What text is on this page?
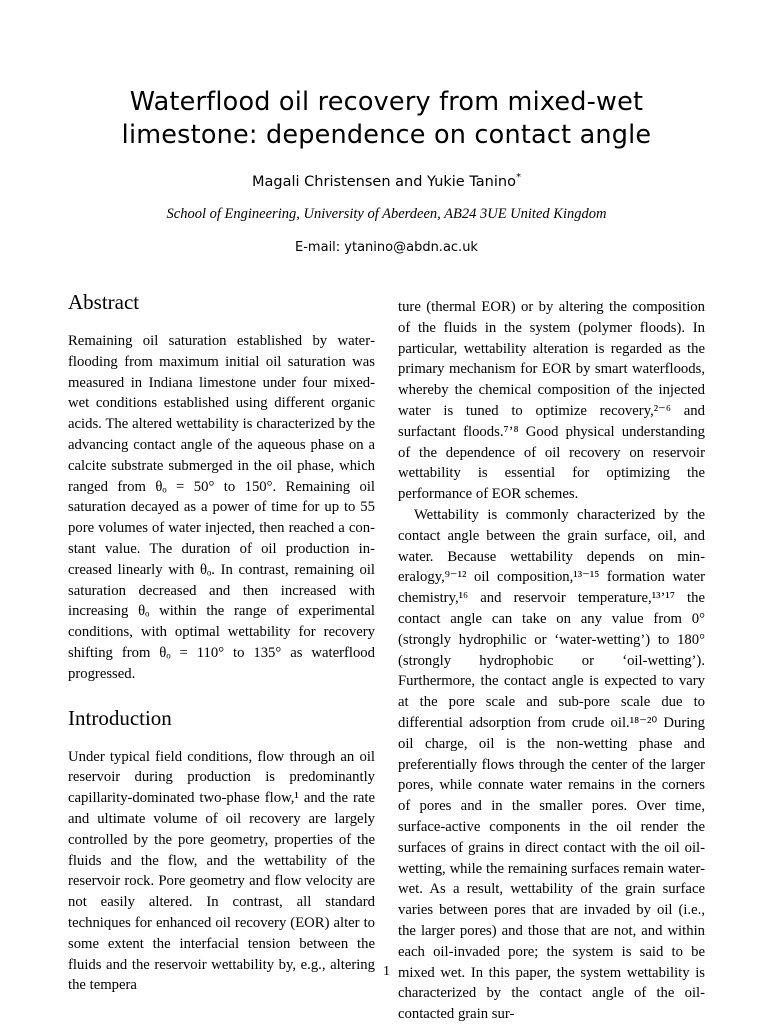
Waterflood oil recovery from mixed-wet
limestone: dependence on contact angle
Magali Christensen and Yukie Tanino*
School of Engineering, University of Aberdeen, AB24 3UE United Kingdom
E-mail: ytanino@abdn.ac.uk
Abstract

Remaining oil saturation established by waterflooding from maximum initial oil saturation was measured in Indiana limestone under four mixed-wet conditions established using different organic acids. The altered wettability is characterized by the advancing contact angle of the aqueous phase on a calcite substrate submerged in the oil phase, which ranged from θₒ = 50° to 150°. Remaining oil saturation decayed as a power of time for up to 55 pore volumes of water injected, then reached a constant value. The duration of oil production increased linearly with θₒ. In contrast, remaining oil saturation decreased and then increased with increasing θₒ within the range of experimental conditions, with optimal wettability for recovery shifting from θₒ = 110° to 135° as waterflood progressed.

Introduction

Under typical field conditions, flow through an oil reservoir during production is predominantly capillarity-dominated two-phase flow,¹ and the rate and ultimate volume of oil recovery are largely controlled by the pore geometry, properties of the fluids and the flow, and the wettability of the reservoir rock. Pore geometry and flow velocity are not easily altered. In contrast, all standard techniques for enhanced oil recovery (EOR) alter to some extent the interfacial tension between the fluids and the reservoir wettability by, e.g., altering the tempera

ture (thermal EOR) or by altering the composition of the fluids in the system (polymer floods). In particular, wettability alteration is regarded as the primary mechanism for EOR by smart waterfloods, whereby the chemical composition of the injected water is tuned to optimize recovery,²⁻⁶ and surfactant floods.⁷’⁸ Good physical understanding of the dependence of oil recovery on reservoir wettability is essential for optimizing the performance of EOR schemes.

Wettability is commonly characterized by the contact angle between the grain surface, oil, and water. Because wettability depends on mineralogy,⁹⁻¹² oil composition,¹³⁻¹⁵ formation water chemistry,¹⁶ and reservoir temperature,¹³’¹⁷ the contact angle can take on any value from 0° (strongly hydrophilic or ‘water-wetting’) to 180° (strongly hydrophobic or ‘oil-wetting’). Furthermore, the contact angle is expected to vary at the pore scale and sub-pore scale due to differential adsorption from crude oil.¹⁸⁻²⁰ During oil charge, oil is the non-wetting phase and preferentially flows through the center of the larger pores, while connate water remains in the corners of pores and in the smaller pores. Over time, surface-active components in the oil render the surfaces of grains in direct contact with the oil oil-wetting, while the remaining surfaces remain water-wet. As a result, wettability of the grain surface varies between pores that are invaded by oil (i.e., the larger pores) and those that are not, and within each oil-invaded pore; the system is said to be mixed wet. In this paper, the system wettability is characterized by the contact angle of the oil-contacted grain sur-

1
